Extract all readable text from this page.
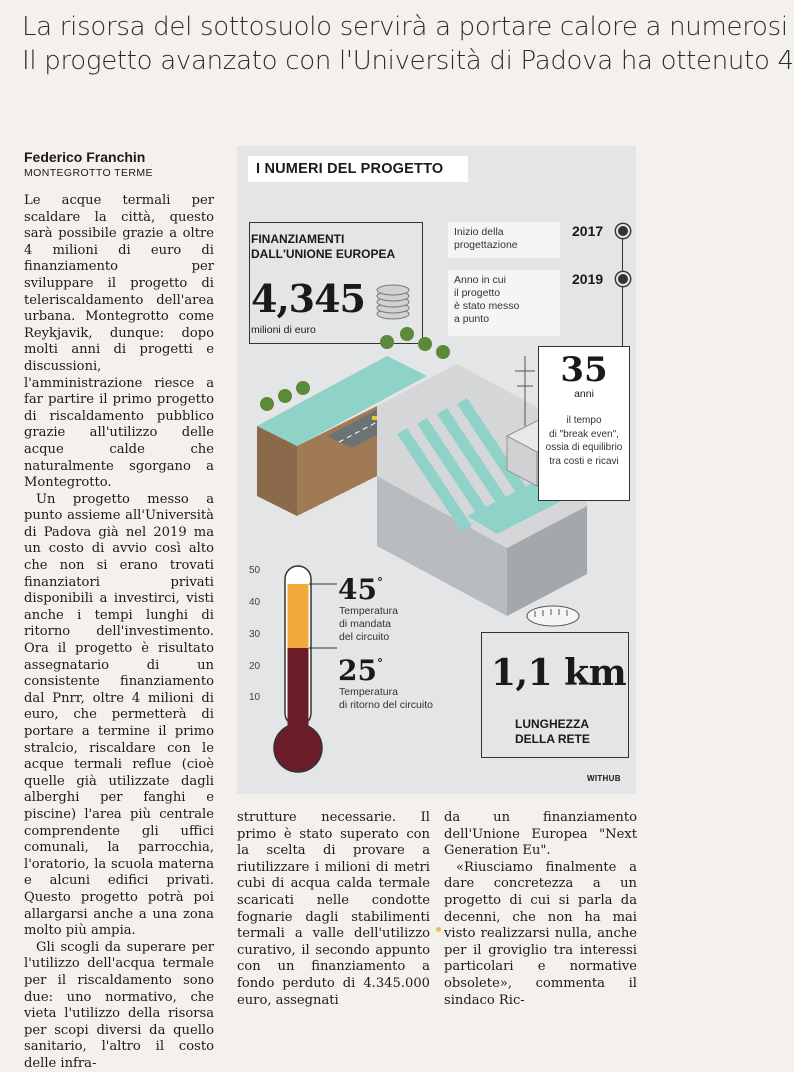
La risorsa del sottosuolo servirà a portare calore a numerosi
Il progetto avanzato con l'Università di Padova ha ottenuto 4
Federico Franchin
MONTEGROTTO TERME

Le acque termali per scaldare la città, questo sarà possibile grazie a oltre 4 milioni di euro di finanziamento per sviluppare il progetto di teleriscaldamento dell'area urbana. Montegrotto come Reykjavik, dunque: dopo molti anni di progetti e discussioni, l'amministrazione riesce a far partire il primo progetto di riscaldamento pubblico grazie all'utilizzo delle acque calde che naturalmente sgorgano a Montegrotto.

Un progetto messo a punto assieme all'Università di Padova già nel 2019 ma un costo di avvio così alto che non si erano trovati finanziatori privati disponibili a investirci, visti anche i tempi lunghi di ritorno dell'investimento. Ora il progetto è risultato assegnatario di un consistente finanziamento dal Pnrr, oltre 4 milioni di euro, che permetterà di portare a termine il primo stralcio, riscaldare con le acque termali reflue (cioè quelle già utilizzate dagli alberghi per fanghi e piscine) l'area più centrale comprendente gli uffici comunali, la parrocchia, l'oratorio, la scuola materna e alcuni edifici privati. Questo progetto potrà poi allargarsi anche a una zona molto più ampia.

Gli scogli da superare per l'utilizzo dell'acqua termale per il riscaldamento sono due: uno normativo, che vieta l'utilizzo della risorsa per scopi diversi da quello sanitario, l'altro il costo delle infra-

strutture necessarie. Il primo è stato superato con la scelta di provare a riutilizzare i milioni di metri cubi di acqua calda termale scaricati nelle condotte fognarie dagli stabilimenti termali a valle dell'utilizzo curativo, il secondo appunto con un finanziamento a fondo perduto di 4.345.000 euro, assegnati

da un finanziamento dell'Unione Europea "Next Generation Eu".

«Riusciamo finalmente a dare concretezza a un progetto di cui si parla da decenni, che non ha mai visto realizzarsi nulla, anche per il groviglio tra interessi particolari e normative obsolete», commenta il sindaco Ric-

I NUMERI DEL PROGETTO
FINANZIAMENTI
DALL'UNIONE EUROPEA
4,345
milioni di euro
Inizio della
progettazione
2017
Anno in cui
il progetto
è stato messo
a punto
2019
35
anni
il tempo
di "break even",
ossia di equilibrio
tra costi e ricavi
50
40
30
20
10
45°
Temperatura
di mandata
del circuito
25°
Temperatura
di ritorno del circuito
1,1 km
LUNGHEZZA
DELLA RETE
WITHUB
